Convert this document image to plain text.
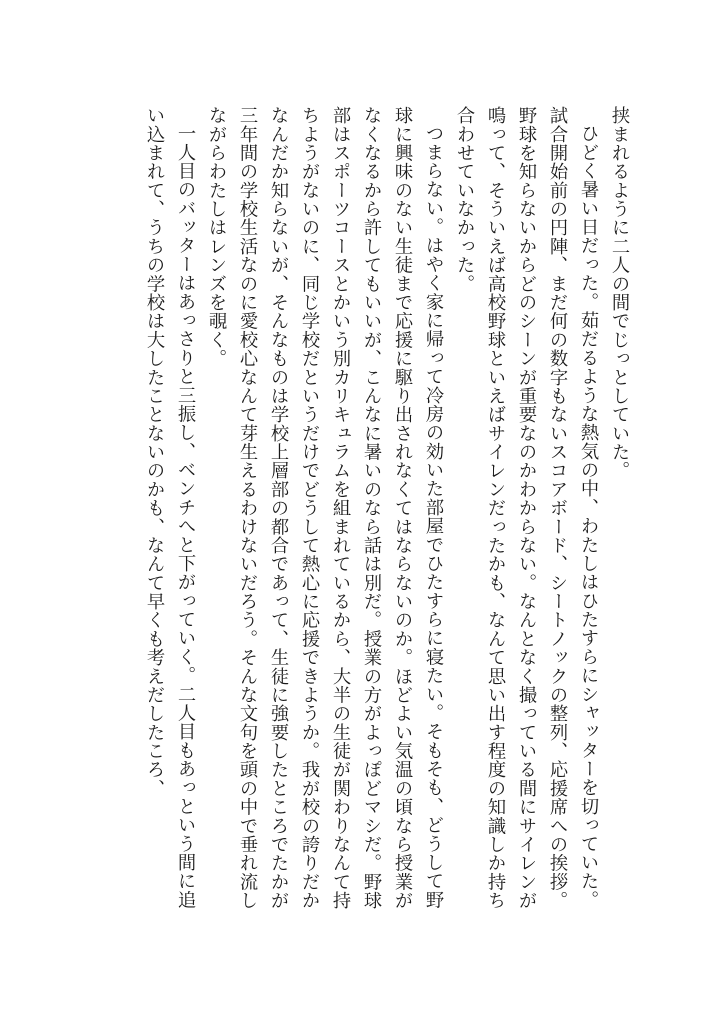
挟まれるように二人の間でじっとしていた。

ひどく暑い日だった。茹だるような熱気の中、わたしはひたすらにシャッターを切っていた。試合開始前の円陣、まだ何の数字もないスコアボード、シートノックの整列、応援席への挨拶。野球を知らないからどのシーンが重要なのかわからない。なんとなく撮っている間にサイレンが鳴って、そういえば高校野球といえばサイレンだったかも、なんて思い出す程度の知識しか持ち合わせていなかった。

つまらない。はやく家に帰って冷房の効いた部屋でひたすらに寝たい。そもそも、どうして野球に興味のない生徒まで応援に駆り出されなくてはならないのか。ほどよい気温の頃なら授業がなくなるから許してもいいが、こんなに暑いのなら話は別だ。授業の方がよっぽどマシだ。野球部はスポーツコースとかいう別カリキュラムを組まれているから、大半の生徒が関わりなんて持ちようがないのに、同じ学校だというだけでどうして熱心に応援できようか。我が校の誇りだかなんだか知らないが、そんなものは学校上層部の都合であって、生徒に強要したところでたかが三年間の学校生活なのに愛校心なんて芽生えるわけないだろう。そんな文句を頭の中で垂れ流しながらわたしはレンズを覗く。

一人目のバッターはあっさりと三振し、ベンチへと下がっていく。二人目もあっという間に追い込まれて、うちの学校は大したことないのかも、なんて早くも考えだしたころ、
